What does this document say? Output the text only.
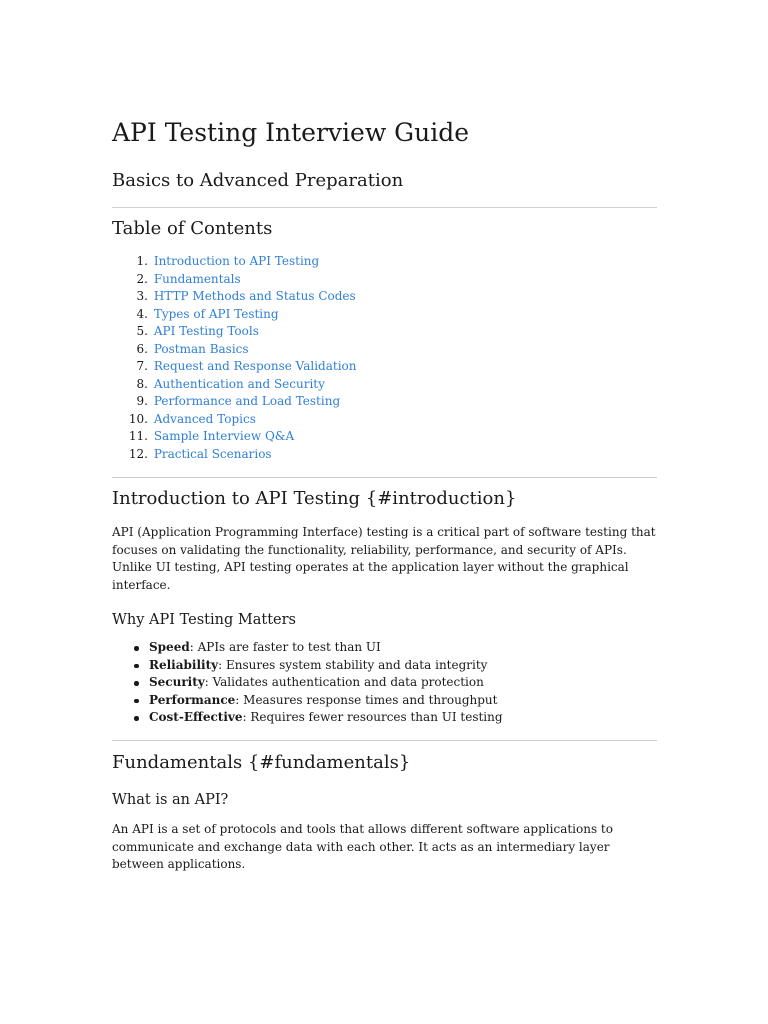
API Testing Interview Guide
Basics to Advanced Preparation
Table of Contents
1. Introduction to API Testing
2. Fundamentals
3. HTTP Methods and Status Codes
4. Types of API Testing
5. API Testing Tools
6. Postman Basics
7. Request and Response Validation
8. Authentication and Security
9. Performance and Load Testing
10. Advanced Topics
11. Sample Interview Q&A
12. Practical Scenarios
Introduction to API Testing {#introduction}

API (Application Programming Interface) testing is a critical part of software testing that focuses on validating the functionality, reliability, performance, and security of APIs. Unlike UI testing, API testing operates at the application layer without the graphical interface.

Why API Testing Matters
Speed: APIs are faster to test than UI
Reliability: Ensures system stability and data integrity
Security: Validates authentication and data protection
Performance: Measures response times and throughput
Cost-Effective: Requires fewer resources than UI testing
Fundamentals {#fundamentals}
What is an API?

An API is a set of protocols and tools that allows different software applications to communicate and exchange data with each other. It acts as an intermediary layer between applications.
